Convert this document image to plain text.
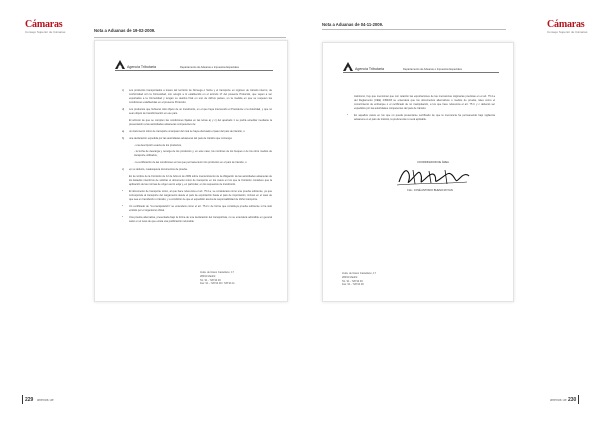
Cámaras
Consejo Superior de Cámaras
Cámaras
Consejo Superior de Cámaras
Nota a Aduanas de 19-02-2009.
Nota a Aduanas de 04-11-2009.
Agencia Tributaria	Departamento de Aduanas e Impuestos Especiales

c) Los productos transportados a través del territorio de Noruega o Suiza y el transporte en régimen de tránsito interno, de conformidad con la Comunidad, con arreglo a lo establecido en el artículo 17 del presente Protocolo, que vayan a ser exportados a la Comunidad y tengan su destino final en uno de dichos países, en la medida en que se respeten las condiciones establecidas en el presente Protocolo.

d) Los productos que hubieran sido objeto de un transbordo, en el que haya intervenido el Presidente o la Autoridad, y que no sean objeto de transformación en ese país.

El artículo de que se cumplen las condiciones fijadas en las letras a) y c) del apartado 1 se podrá acreditar mediante la presentación a las autoridades aduaneras competentes de:

a) un documento único de transporte al amparo del cual se haya efectuado el paso del país de tránsito, o

b) una declaración expedida por las autoridades aduaneras del país de tránsito que contenga:

- una descripción exacta de los productos,

- la fecha de descarga y recarga de los productos y, en este caso, los nombres de los buques o de los otros medios de transporte utilizados,

- la certificación de las condiciones en las que permanecieron los productos en el país de tránsito, o

c) en su defecto, cualesquiera documentos de prueba.

En la cumbre de la Comisión de 12 de febrero de 2009 sobre mantenimiento de la obligación de las autoridades aduaneras de los Estados miembros de solicitar el documento único de transporte en los casos en los que la Comisión considere que la aplicación de las normas de origen así lo exija y, en particular, en los supuestos de transbordo.

* El documento de transporte único, al que hace referencia el art. 75.2.a, se considerará como una prueba suficiente, ya que corresponde al transporte del cargamento desde el país de exportación hasta el país de importación, incluso en el caso de que sea en transbordo o tránsito, y a condición de que el expedidor asuma la responsabilidad de dicho transporte.

* Un certificado de "no-manipulación" se entenderá como el art. 75.2.c de forma que constituya prueba suficiente si ha sido emitido por el organismo oficial.

* Una prueba alternativa, presentada bajo la forma de una declaración del transportista, no se entenderá admisible en general salvo en el caso de que exista una justificación razonable.

Avda. del Llano Castellano, 17
28034 Madrid
Tel. 91 - 728 94 00
Fax: 91 - 728 94 09 / 728 94 11
Agencia Tributaria	Departamento de Aduanas e Impuestos Especiales

Asimismo, hay que mencionar que con relación las exportaciones de las mercancías originarias previstas en el art. 75.2.a del Reglamento (CEE) 2454/93 se entenderá que los documentos alternativos o medios de prueba, tales como el conocimiento de embarque o el certificado de no manipulación, a los que hace referencia el art. 75 b y c deberán ser expedidos por las autoridades competentes del país de tránsito.

* En aquellos casos en los que no pueda presentarse certificado de que la mercancía ha permanecido bajo vigilancia aduanera en el país de tránsito, la preferencia no será aplicable.

COORDINADOR DE ÁREA
Fdo.: JOSÉ ANTONIO BUENO ROYAN
Avda. del Llano Castellano, 17
28034 Madrid
Tel. 91 - 728 94 00
Fax: 91 - 728 94 09
229 anexos ue	anexos ue 230
